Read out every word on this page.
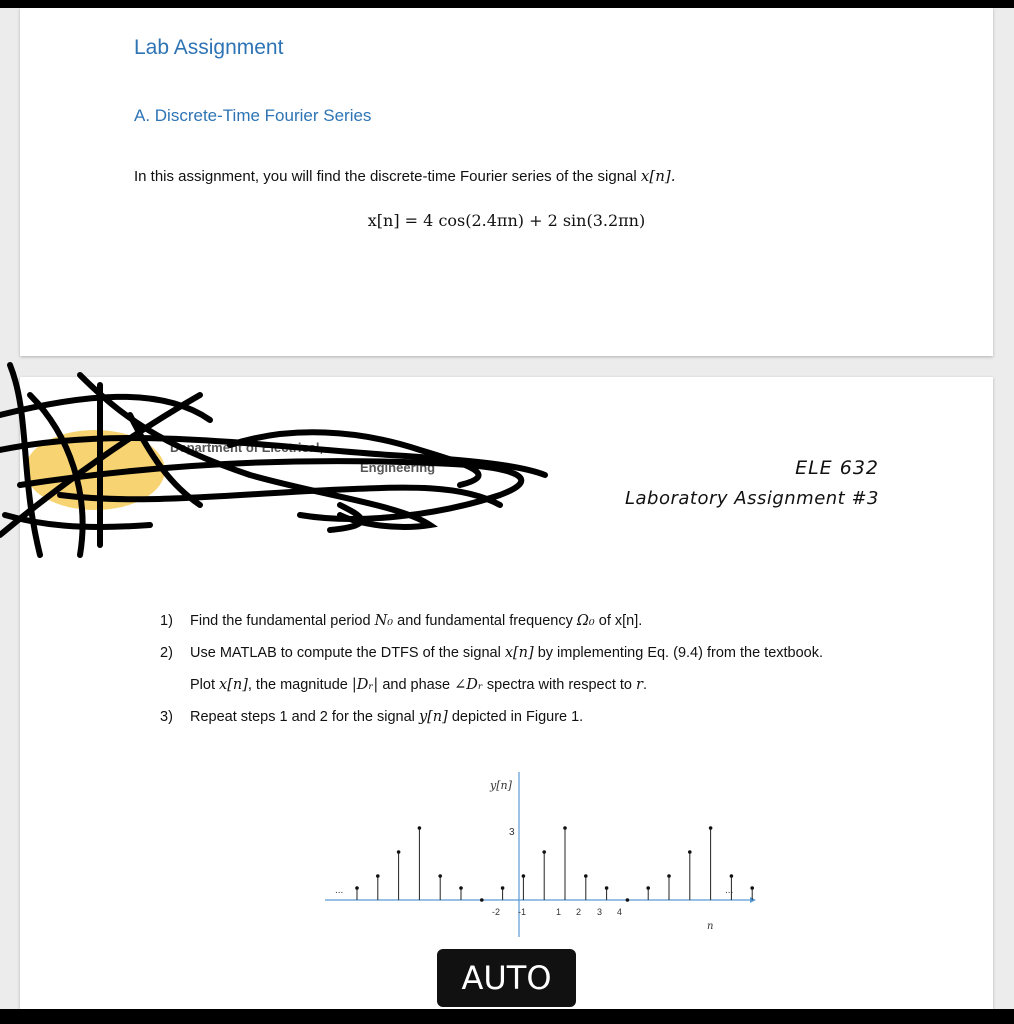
Lab Assignment
A. Discrete-Time Fourier Series
In this assignment, you will find the discrete-time Fourier series of the signal x[n].
x[n] = 4 cos(2.4πn) + 2 sin(3.2πn)
Department of Electrical,
Engineering	ELE 632
Laboratory Assignment #3
1) Find the fundamental period N₀ and fundamental frequency Ω₀ of x[n].
2) Use MATLAB to compute the DTFS of the signal x[n] by implementing Eq. (9.4) from the textbook.
Plot x[n], the magnitude |Dᵣ| and phase ∠Dᵣ spectra with respect to r.
3) Repeat steps 1 and 2 for the signal y[n] depicted in Figure 1.
y[n]
n
3
...	...
-2 -1	1 2 3 4
AUTO
